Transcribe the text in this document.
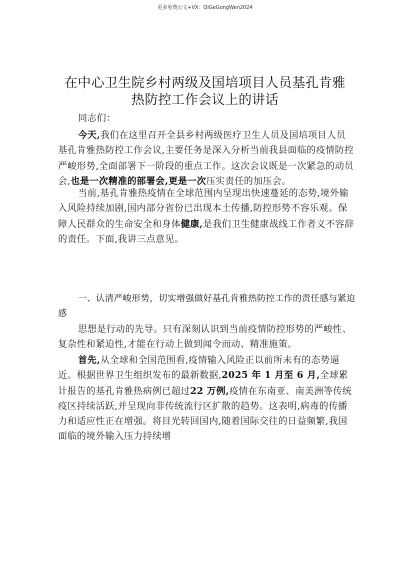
更多免费公文+VX：QiGeGongWen2024
在中心卫生院乡村两级及国培项目人员基孔肯雅热防控工作会议上的讲话

同志们：

今天,我们在这里召开全县乡村两级医疗卫生人员及国培项目人员基孔肯雅热防控工作会议,主要任务是深入分析当前我县面临的疫情防控严峻形势,全面部署下一阶段的重点工作。这次会议既是一次紧急的动员会,也是一次精准的部署会,更是一次压实责任的加压会。

当前,基孔肯雅热疫情在全球范围内呈现出快速蔓延的态势,境外输入风险持续加剧,国内部分省份已出现本土传播,防控形势不容乐观。保障人民群众的生命安全和身体健康,是我们卫生健康战线工作者义不容辞的责任。下面,我讲三点意见。

一、认清严峻形势，切实增强做好基孔肯雅热防控工作的责任感与紧迫感

思想是行动的先导。只有深刻认识到当前疫情防控形势的严峻性、复杂性和紧迫性,才能在行动上做到闻令而动、精准施策。

首先,从全球和全国范围看,疫情输入风险正以前所未有的态势逼近。根据世界卫生组织发布的最新数据,2025 年 1 月至 6 月,全球累计报告的基孔肯雅热病例已超过22 万例,疫情在东南亚、南美洲等传统疫区持续活跃,并呈现向非传统流行区扩散的趋势。这表明,病毒的传播力和适应性正在增强。将目光转回国内,随着国际交往的日益频繁,我国面临的境外输入压力持续增
